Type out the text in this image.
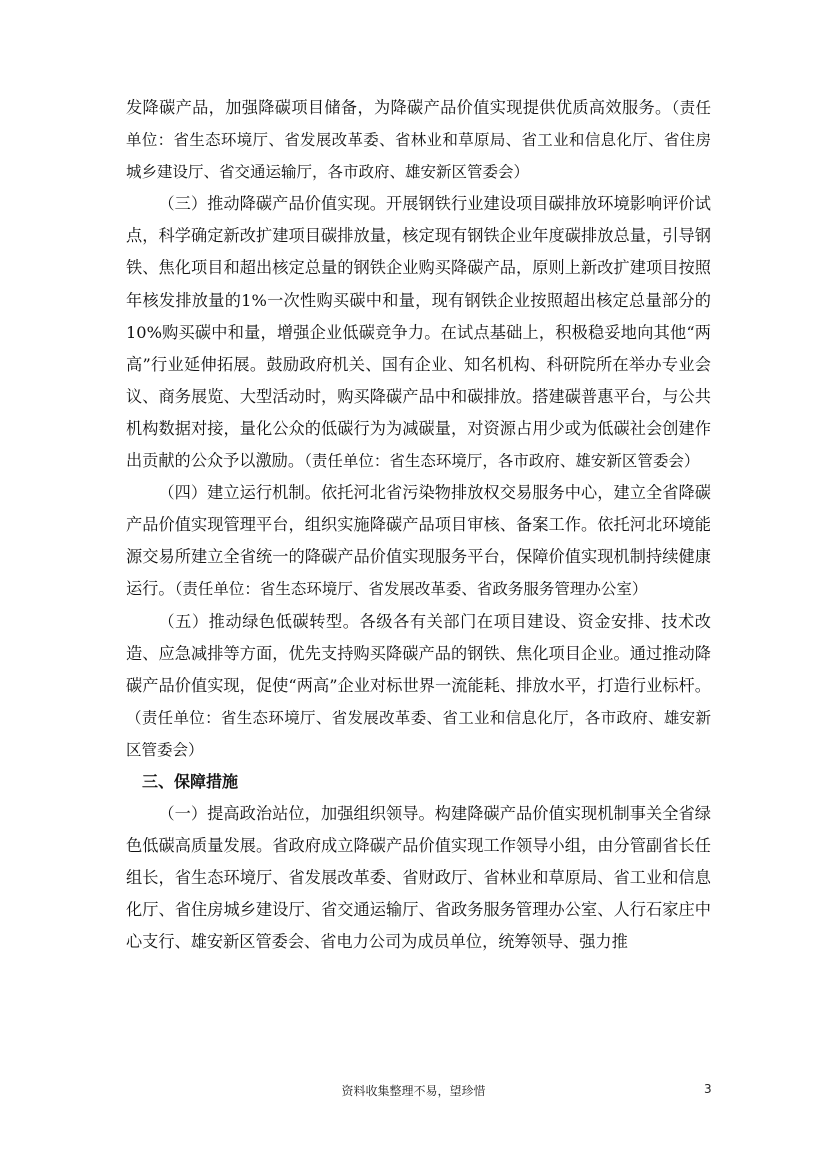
发降碳产品，加强降碳项目储备，为降碳产品价值实现提供优质高效服务。（责任单位：省生态环境厅、省发展改革委、省林业和草原局、省工业和信息化厅、省住房城乡建设厅、省交通运输厅，各市政府、雄安新区管委会）

（三）推动降碳产品价值实现。开展钢铁行业建设项目碳排放环境影响评价试点，科学确定新改扩建项目碳排放量，核定现有钢铁企业年度碳排放总量，引导钢铁、焦化项目和超出核定总量的钢铁企业购买降碳产品，原则上新改扩建项目按照年核发排放量的1%一次性购买碳中和量，现有钢铁企业按照超出核定总量部分的10%购买碳中和量，增强企业低碳竞争力。在试点基础上，积极稳妥地向其他“两高”行业延伸拓展。鼓励政府机关、国有企业、知名机构、科研院所在举办专业会议、商务展览、大型活动时，购买降碳产品中和碳排放。搭建碳普惠平台，与公共机构数据对接，量化公众的低碳行为为减碳量，对资源占用少或为低碳社会创建作出贡献的公众予以激励。（责任单位：省生态环境厅，各市政府、雄安新区管委会）

（四）建立运行机制。依托河北省污染物排放权交易服务中心，建立全省降碳产品价值实现管理平台，组织实施降碳产品项目审核、备案工作。依托河北环境能源交易所建立全省统一的降碳产品价值实现服务平台，保障价值实现机制持续健康运行。（责任单位：省生态环境厅、省发展改革委、省政务服务管理办公室）

（五）推动绿色低碳转型。各级各有关部门在项目建设、资金安排、技术改造、应急减排等方面，优先支持购买降碳产品的钢铁、焦化项目企业。通过推动降碳产品价值实现，促使“两高”企业对标世界一流能耗、排放水平，打造行业标杆。（责任单位：省生态环境厅、省发展改革委、省工业和信息化厅，各市政府、雄安新区管委会）

三、保障措施

（一）提高政治站位，加强组织领导。构建降碳产品价值实现机制事关全省绿色低碳高质量发展。省政府成立降碳产品价值实现工作领导小组，由分管副省长任组长，省生态环境厅、省发展改革委、省财政厅、省林业和草原局、省工业和信息化厅、省住房城乡建设厅、省交通运输厅、省政务服务管理办公室、人行石家庄中心支行、雄安新区管委会、省电力公司为成员单位，统筹领导、强力推

资料收集整理不易，望珍惜	3
